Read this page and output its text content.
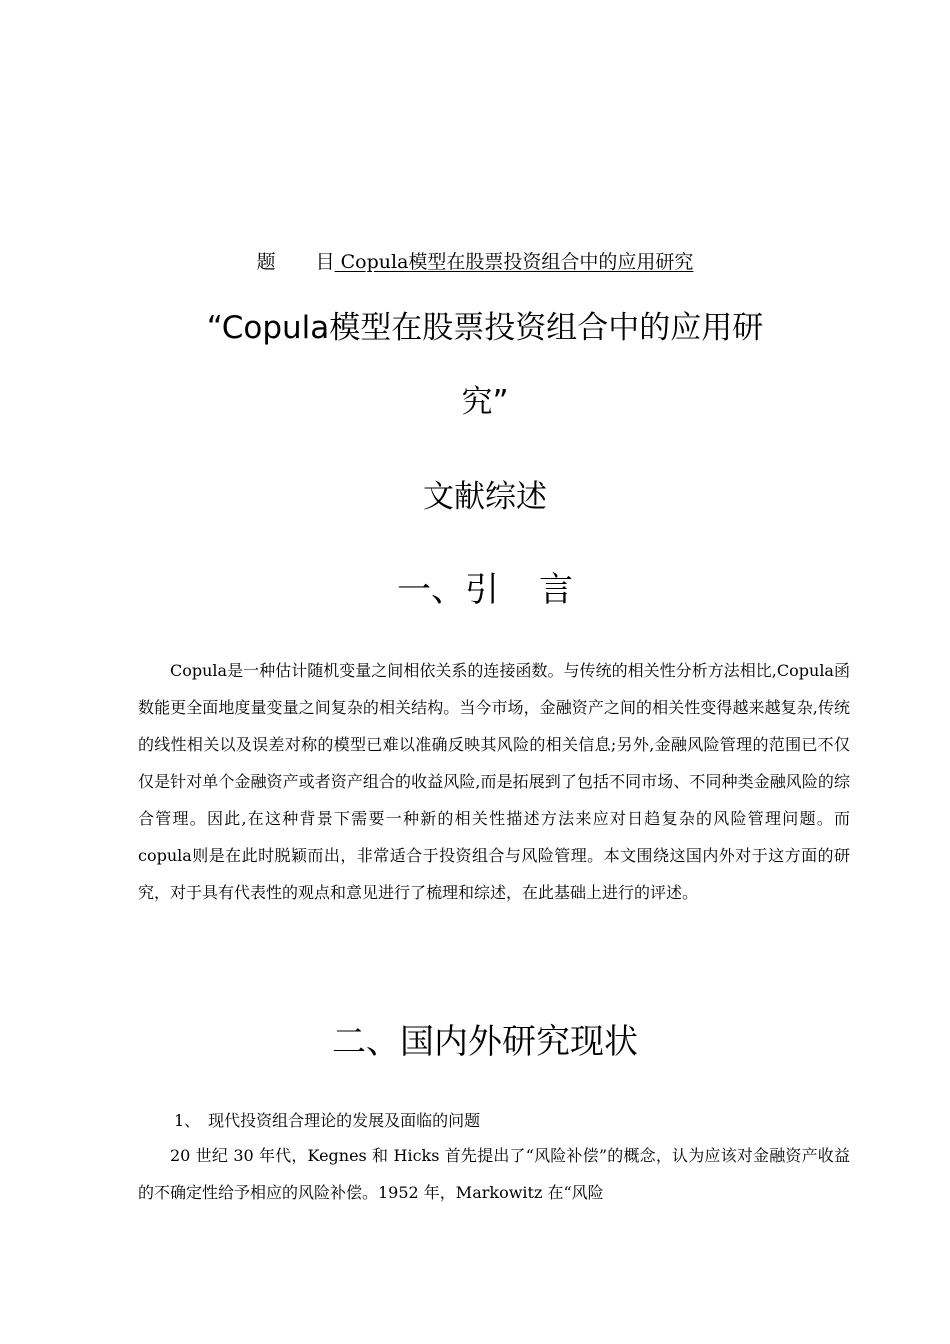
题 目 Copula模型在股票投资组合中的应用研究
“Copula模型在股票投资组合中的应用研
究”
文献综述
一、引 言

Copula是一种估计随机变量之间相依关系的连接函数。与传统的相关性分析方法相比,Copula函数能更全面地度量变量之间复杂的相关结构。当今市场，金融资产之间的相关性变得越来越复杂,传统的线性相关以及误差对称的模型已难以准确反映其风险的相关信息;另外,金融风险管理的范围已不仅仅是针对单个金融资产或者资产组合的收益风险,而是拓展到了包括不同市场、不同种类金融风险的综合管理。因此,在这种背景下需要一种新的相关性描述方法来应对日趋复杂的风险管理问题。而copula则是在此时脱颖而出，非常适合于投资组合与风险管理。本文围绕这国内外对于这方面的研究，对于具有代表性的观点和意见进行了梳理和综述，在此基础上进行的评述。

二、国内外研究现状
1、　现代投资组合理论的发展及面临的问题

20 世纪 30 年代，Kegnes 和 Hicks 首先提出了“风险补偿”的概念，认为应该对金融资产收益的不确定性给予相应的风险补偿。1952 年，Markowitz 在“风险
